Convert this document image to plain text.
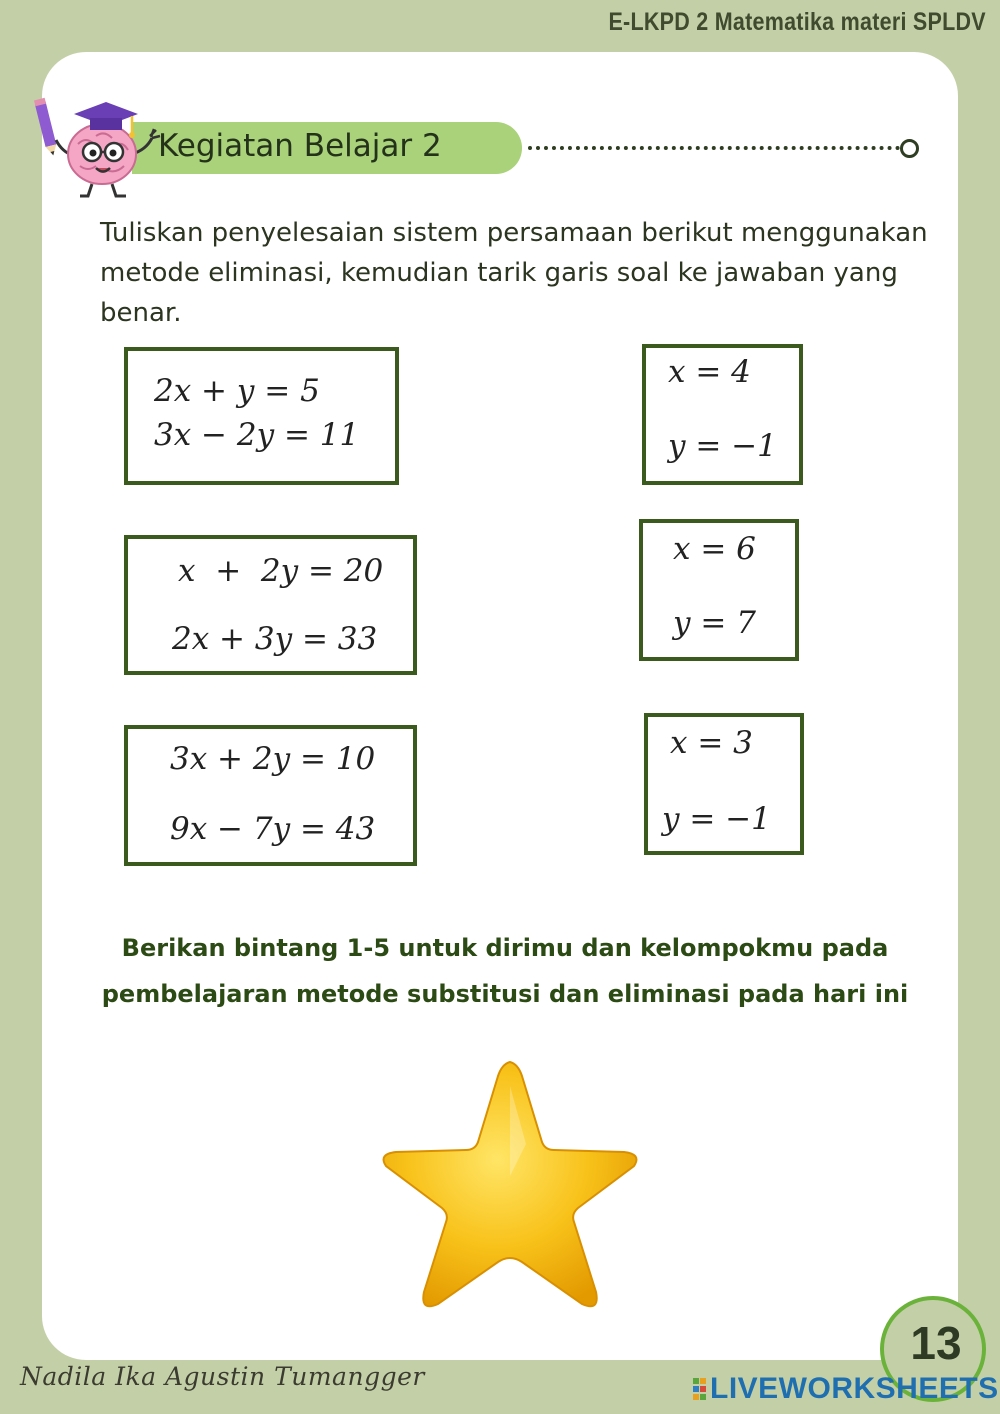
E-LKPD 2 Matematika materi SPLDV
Kegiatan Belajar 2
Tuliskan penyelesaian sistem persamaan berikut menggunakan metode eliminasi, kemudian tarik garis soal ke jawaban yang benar.
2x + y = 5
3x − 2y = 11
x  +  2y = 20
2x + 3y = 33
3x + 2y = 10
9x − 7y = 43
x = 4
y = −1
x = 6
y = 7
x = 3
y = −1
Berikan bintang 1-5 untuk dirimu dan kelompokmu pada
pembelajaran metode substitusi dan eliminasi pada hari ini
13
Nadila Ika Agustin Tumangger	LIVEWORKSHEETS
